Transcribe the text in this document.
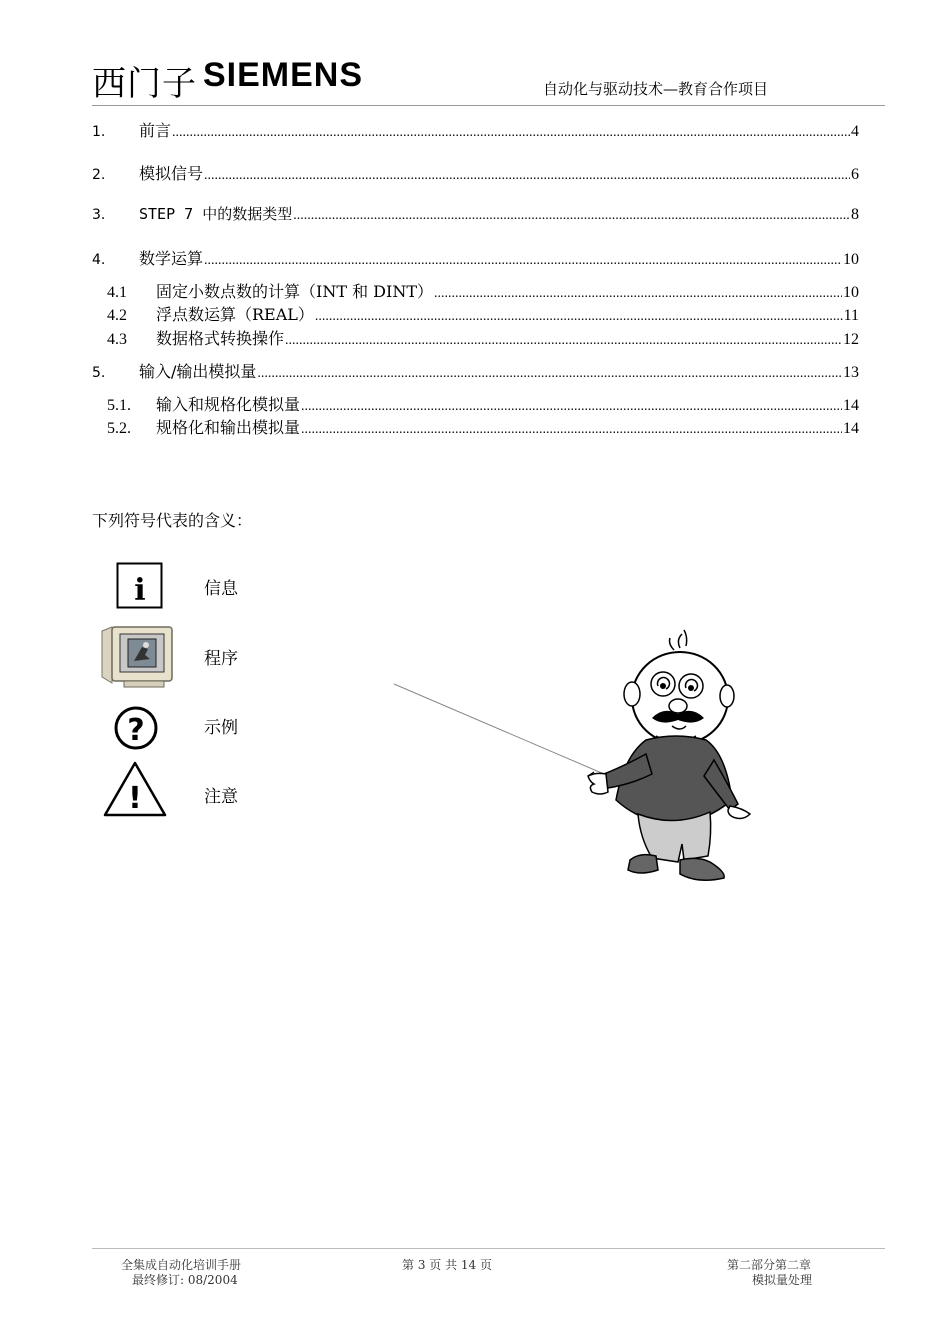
西门子 SIEMENS	自动化与驱动技术—教育合作项目
1.	前言 .....	4
2.	模拟信号 .....	6
3.	STEP 7 中的数据类型 .....	8
4.	数学运算 .....	10
4.1	固定小数点数的计算（INT 和 DINT） .....	10
4.2	浮点数运算（REAL） .....	11
4.3	数据格式转换操作 .....	12
5.	输入/输出模拟量 .....	13
5.1.	输入和规格化模拟量 .....	14
5.2.	规格化和输出模拟量 .....	14
下列符号代表的含义：
i	信息
程序
?	示例
!	注意
全集成自动化培训手册
最终修订: 08/2004
第 3 页 共 14 页	第二部分第二章
模拟量处理
